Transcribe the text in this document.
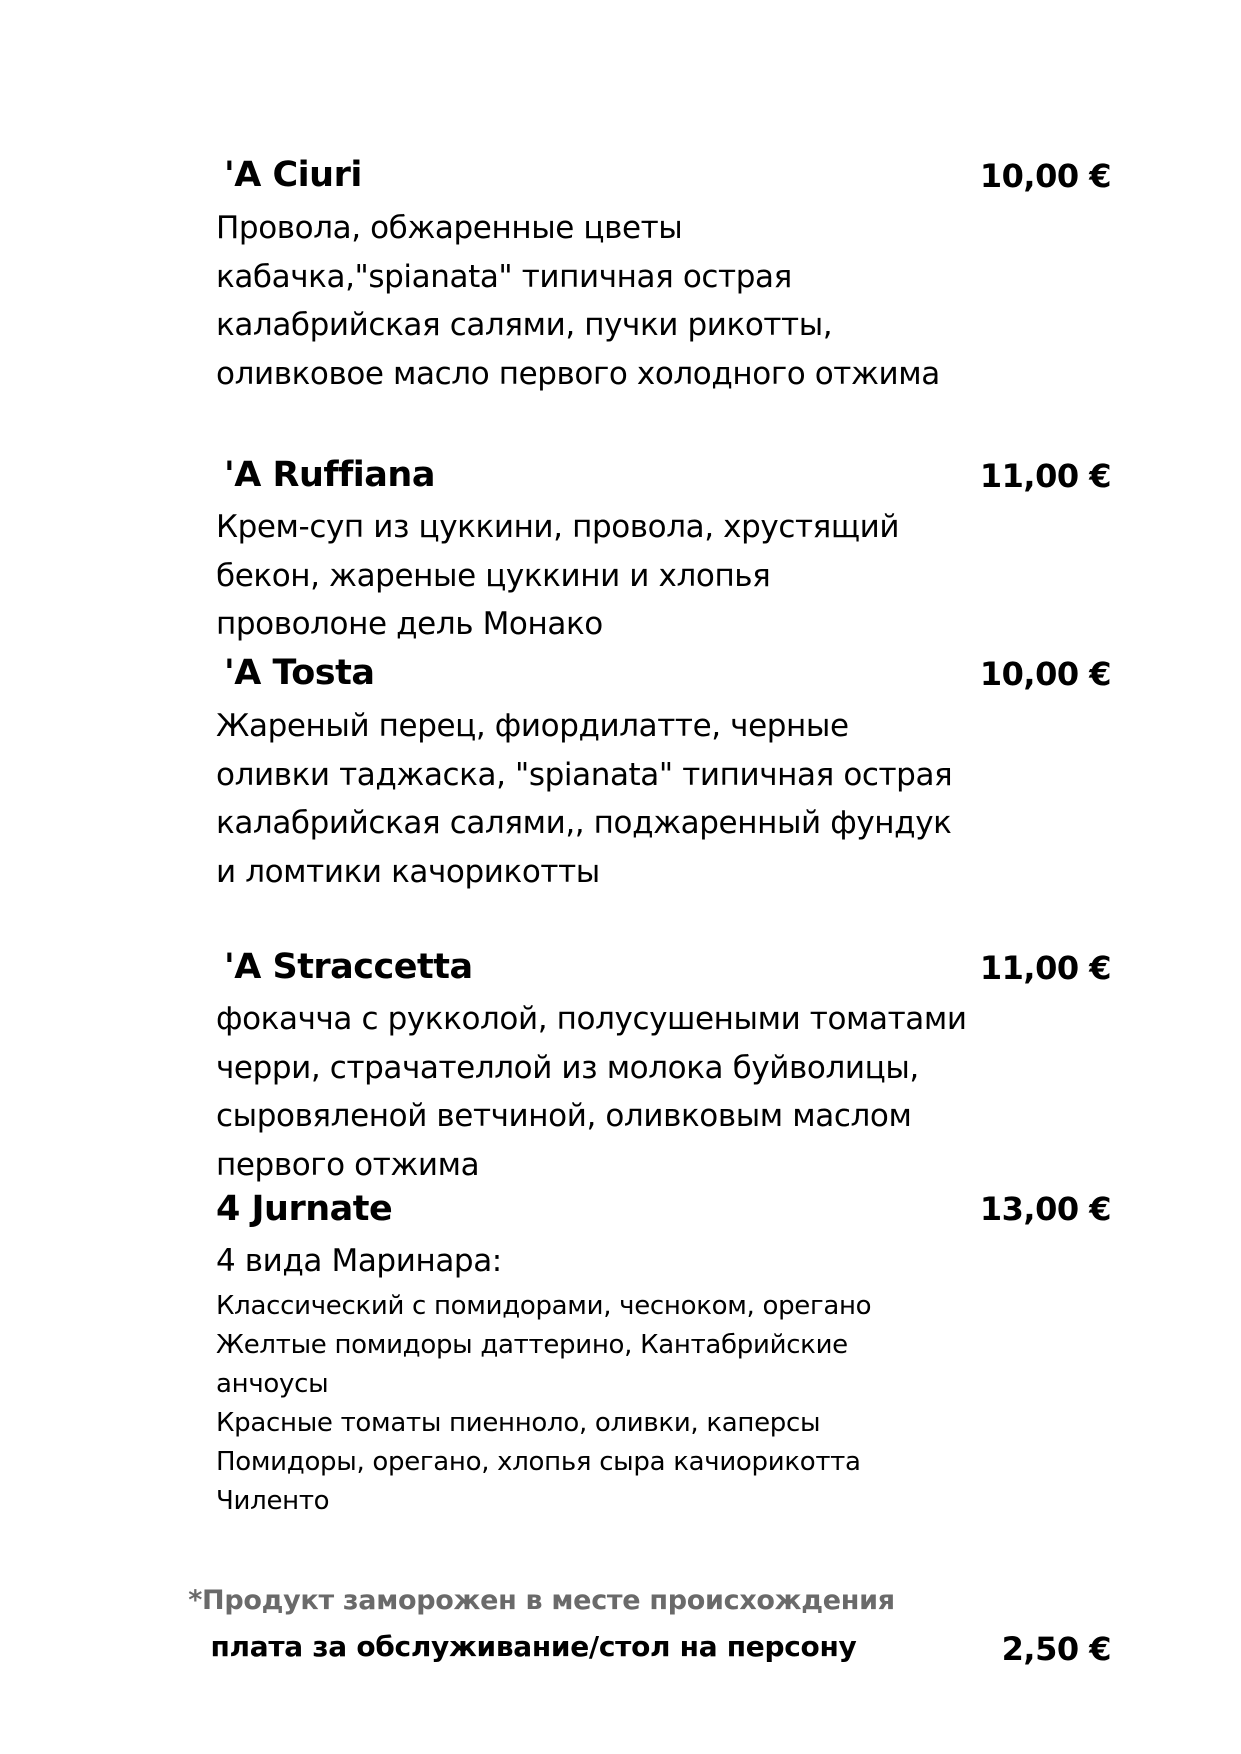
'A Ciuri	10,00 €
Провола, обжаренные цветы
кабачка,"spianata" типичная острая
калабрийская салями, пучки рикотты,
оливковое масло первого холодного отжима
'A Ruffiana	11,00 €
Крем-суп из цуккини, провола, хрустящий
бекон, жареные цуккини и хлопья
проволоне дель Монако
'A Tosta	10,00 €
Жареный перец, фиордилатте, черные
оливки таджаска, "spianata" типичная острая
калабрийская салями,, поджаренный фундук
и ломтики качорикотты
'A Straccetta	11,00 €
фокачча с рукколой, полусушеными томатами
черри, страчателлой из молока буйволицы,
сыровяленой ветчиной, оливковым маслом
первого отжима
4 Jurnate	13,00 €
4 вида Маринара:
Классический с помидорами, чесноком, орегано
Желтые помидоры даттерино, Кантабрийские
анчоусы
Красные томаты пиенноло, оливки, каперсы
Помидоры, орегано, хлопья сыра качиорикотта
Чиленто
*Продукт заморожен в месте происхождения
плата за обслуживание/стол на персону	2,50 €
